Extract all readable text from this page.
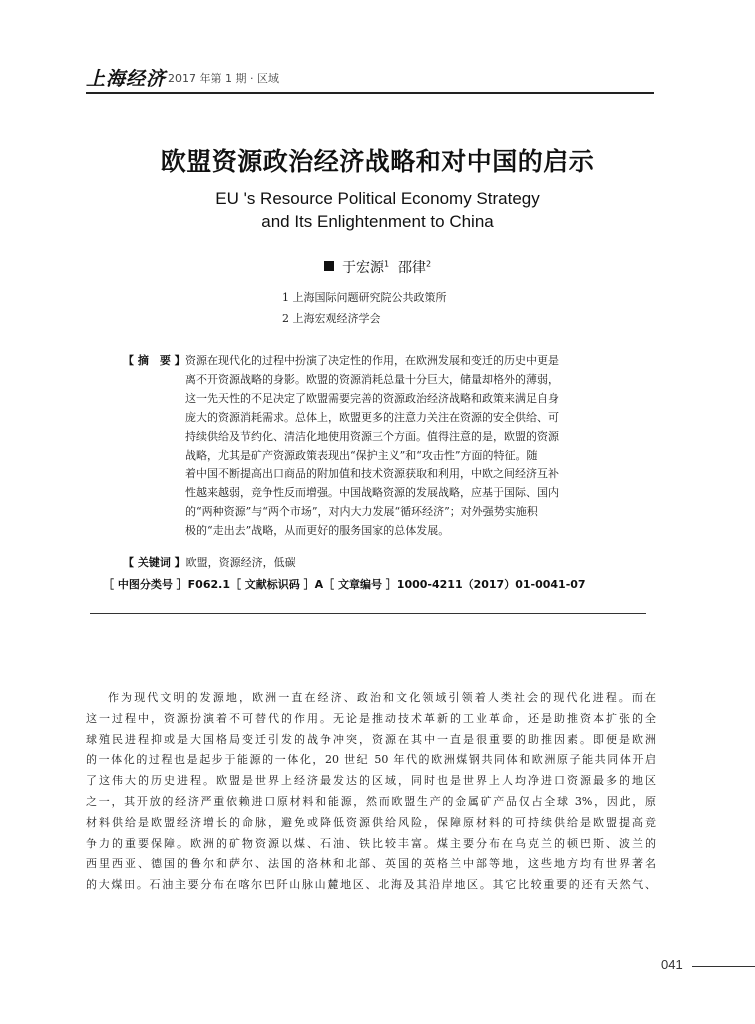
上海经济 2017 年第 1 期 · 区域
欧盟资源政治经济战略和对中国的启示
EU 's Resource Political Economy Strategy
and Its Enlightenment to China
于宏源$^1$ 邵律$^2$
1 上海国际问题研究院公共政策所
2 上海宏观经济学会
【 摘　要 】资源在现代化的过程中扮演了决定性的作用，在欧洲发展和变迁的历史中更是
离不开资源战略的身影。欧盟的资源消耗总量十分巨大，储量却格外的薄弱，
这一先天性的不足决定了欧盟需要完善的资源政治经济战略和政策来满足自身
庞大的资源消耗需求。总体上，欧盟更多的注意力关注在资源的安全供给、可
持续供给及节约化、清洁化地使用资源三个方面。值得注意的是，欧盟的资源
战略，尤其是矿产资源政策表现出“保护主义”和“攻击性”方面的特征。随
着中国不断提高出口商品的附加值和技术资源获取和利用，中欧之间经济互补
性越来越弱，竞争性反而增强。中国战略资源的发展战略，应基于国际、国内
的“两种资源”与“两个市场”，对内大力发展“循环经济”；对外强势实施积
极的“走出去”战略，从而更好的服务国家的总体发展。
【 关键词 】欧盟，资源经济，低碳
［ 中图分类号 ］F062.1［ 文献标识码 ］A［ 文章编号 ］1000-4211（2017）01-0041-07
作为现代文明的发源地，欧洲一直在经济、政治和文化领域引领着人类社会的现代化进程。而在
这一过程中，资源扮演着不可替代的作用。无论是推动技术革新的工业革命，还是助推资本扩张的全
球殖民进程抑或是大国格局变迁引发的战争冲突，资源在其中一直是很重要的助推因素。即便是欧洲
的一体化的过程也是起步于能源的一体化，20 世纪 50 年代的欧洲煤钢共同体和欧洲原子能共同体开启
了这伟大的历史进程。欧盟是世界上经济最发达的区域，同时也是世界上人均净进口资源最多的地区
之一，其开放的经济严重依赖进口原材料和能源，然而欧盟生产的金属矿产品仅占全球 3%，因此，原
材料供给是欧盟经济增长的命脉，避免或降低资源供给风险，保障原材料的可持续供给是欧盟提高竞
争力的重要保障。欧洲的矿物资源以煤、石油、铁比较丰富。煤主要分布在乌克兰的顿巴斯、波兰的
西里西亚、德国的鲁尔和萨尔、法国的洛林和北部、英国的英格兰中部等地，这些地方均有世界著名
的大煤田。石油主要分布在喀尔巴阡山脉山麓地区、北海及其沿岸地区。其它比较重要的还有天然气、
041
